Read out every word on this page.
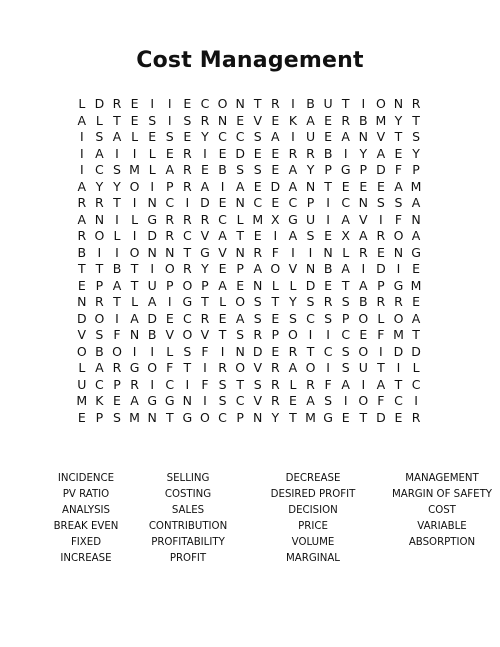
Cost Management
L D R E I	I E C O N T R I B U T I O N R
A L T E S I S R N E V E K A E R B M Y T
I S A L E S E Y C C S A I U E A N V T S
I A I	I L E R I E D E E R R B I Y A E Y
I C S M L A R E B S S E A Y P G P D F P
A Y Y O I P R A I A E D A N T E E E A M
R R T I N C I D E N C E C P I C N S S A
A N I L G R R R C L M X G U I A V I F N
R O L I D R C V A T E I A S E X A R O A
B I	I O N N T G V N R F I	I N L R E N G
T T B T I O R Y E P A O V N B A I D I E
E P A T U P O P A E N L L D E T A P G M
N R T L A I G T L O S T Y S R S B R R E
D O I A D E C R E A S E S C S P O L O A
V S F N B V O V T S R P O I	I C E F M T
O B O I	I L S F I N D E R T C S O I D D
L A R G O F T I R O V R A O I S U T I L
U C P R I C I F S T S R L R F A I A T C
M K E A G G N I S C V R E A S I O F C I
E P S M N T G O C P N Y T M G E T D E R
INCIDENCE	SELLING	DECREASE	MANAGEMENT
PV RATIO	COSTING	DESIRED PROFIT	MARGIN OF SAFETY
ANALYSIS	SALES	DECISION	COST
BREAK EVEN	CONTRIBUTION	PRICE	VARIABLE
FIXED	PROFITABILITY	VOLUME	ABSORPTION
INCREASE	PROFIT	MARGINAL
